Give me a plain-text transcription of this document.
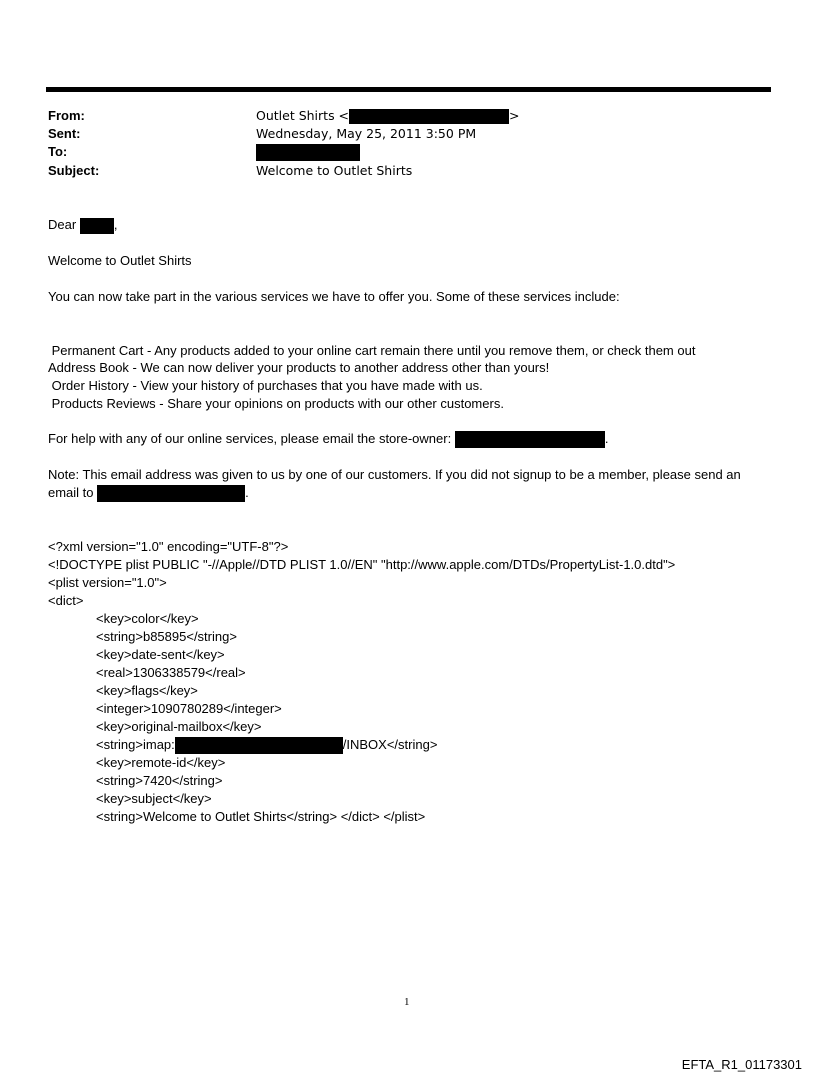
From:	Outlet Shirts <	>
Sent:	Wednesday, May 25, 2011 3:50 PM
To:
Subject:	Welcome to Outlet Shirts
Dear	,
Welcome to Outlet Shirts
You can now take part in the various services we have to offer you. Some of these services include:
Permanent Cart - Any products added to your online cart remain there until you remove them, or check them out
Address Book - We can now deliver your products to another address other than yours!
Order History - View your history of purchases that you have made with us.
Products Reviews - Share your opinions on products with our other customers.
For help with any of our online services, please email the store-owner:	.
Note: This email address was given to us by one of our customers. If you did not signup to be a member, please send an
email to	.
<?xml version="1.0" encoding="UTF-8"?>
<!DOCTYPE plist PUBLIC "-//Apple//DTD PLIST 1.0//EN" "http://www.apple.com/DTDs/PropertyList-1.0.dtd">
<plist version="1.0">
<dict>
<key>color</key>
<string>b85895</string>
<key>date-sent</key>
<real>1306338579</real>
<key>flags</key>
<integer>1090780289</integer>
<key>original-mailbox</key>
<string>imap:	/INBOX</string>
<key>remote-id</key>
<string>7420</string>
<key>subject</key>
<string>Welcome to Outlet Shirts</string> </dict> </plist>
1
EFTA_R1_01173301
